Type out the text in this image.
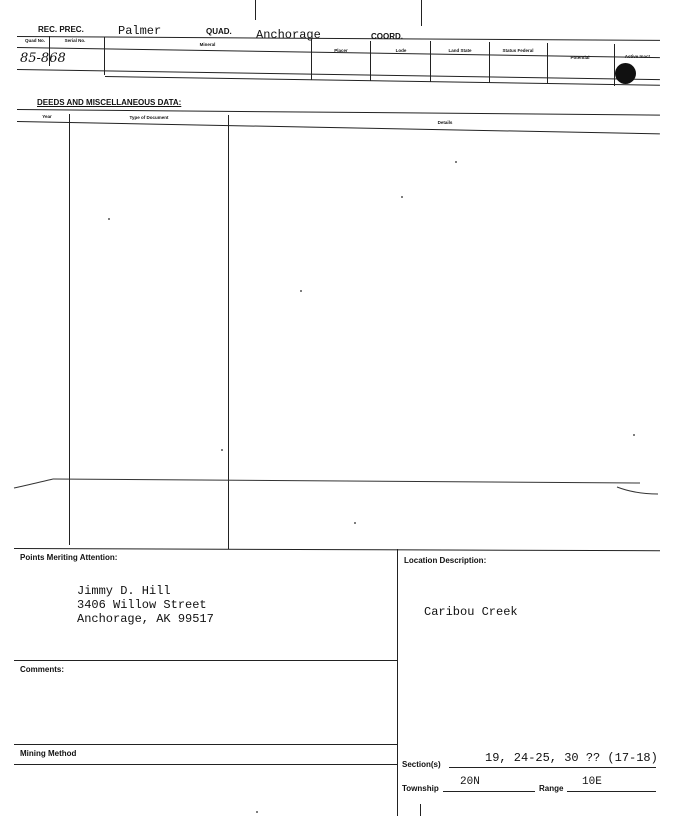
REC. PREC.	Palmer	QUAD. Anchorage	COORD.
Quad No.	Serial No.
Mineral
Placer	Lode	Land State	Status Federal
Potential	Active Inact.
85-868
DEEDS AND MISCELLANEOUS DATA:
Year	Type of Document
Details
Points Meriting Attention:
Jimmy D. Hill
3406 Willow Street
Anchorage, AK 99517
Location Description:
Caribou Creek
Comments:
Mining Method
Section(s)	19, 24-25, 30 ?? (17-18)
Township
20N
Range
10E
